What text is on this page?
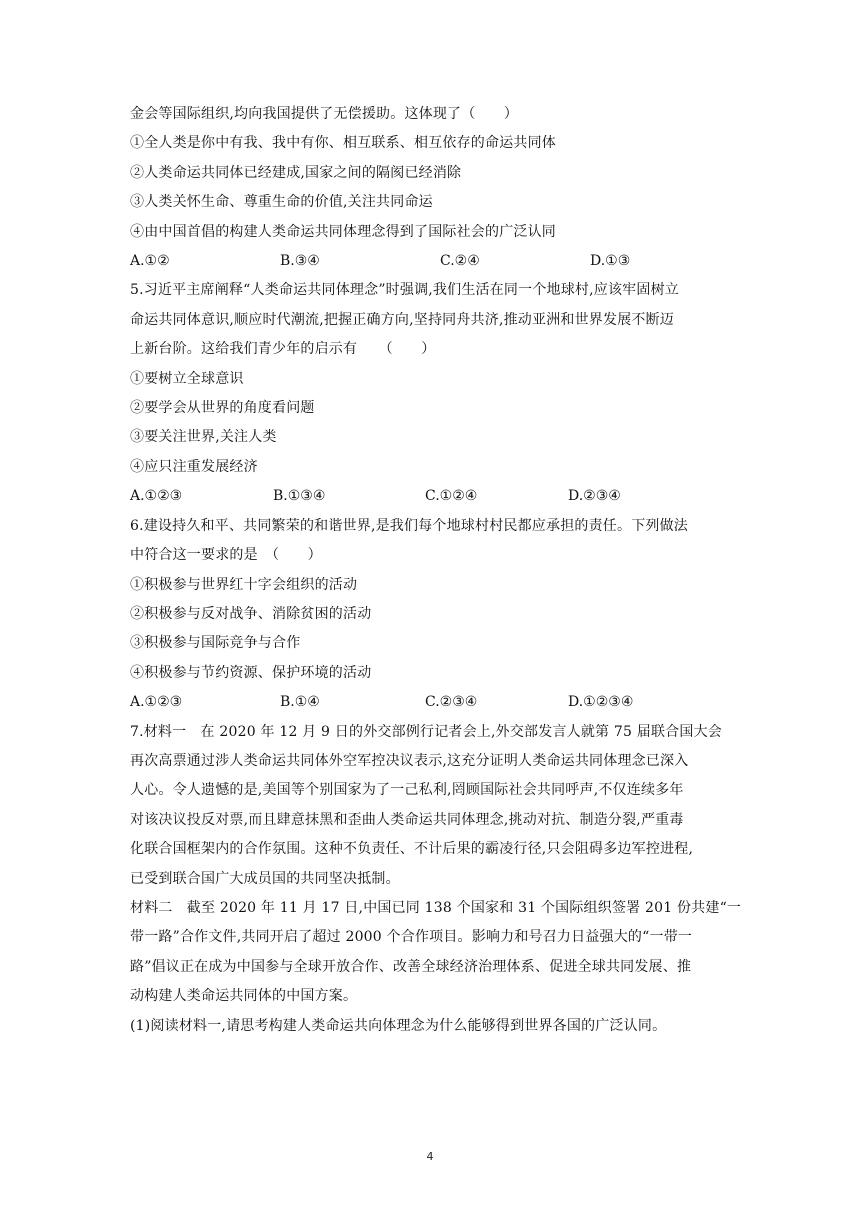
金会等国际组织,均向我国提供了无偿援助。这体现了（　　）
①全人类是你中有我、我中有你、相互联系、相互依存的命运共同体
②人类命运共同体已经建成,国家之间的隔阂已经消除
③人类关怀生命、尊重生命的价值,关注共同命运
④由中国首倡的构建人类命运共同体理念得到了国际社会的广泛认同
A.①②	B.③④	C.②④	D.①③
5.习近平主席阐释“人类命运共同体理念”时强调,我们生活在同一个地球村,应该牢固树立
命运共同体意识,顺应时代潮流,把握正确方向,坚持同舟共济,推动亚洲和世界发展不断迈
上新台阶。这给我们青少年的启示有　　（　　）
①要树立全球意识
②要学会从世界的角度看问题
③要关注世界,关注人类
④应只注重发展经济
A.①②③	B.①③④	C.①②④	D.②③④
6.建设持久和平、共同繁荣的和谐世界,是我们每个地球村村民都应承担的责任。下列做法
中符合这一要求的是　（　　）
①积极参与世界红十字会组织的活动
②积极参与反对战争、消除贫困的活动
③积极参与国际竞争与合作
④积极参与节约资源、保护环境的活动
A.①②③	B.①④	C.②③④	D.①②③④
7.材料一　在 2020 年 12 月 9 日的外交部例行记者会上,外交部发言人就第 75 届联合国大会
再次高票通过涉人类命运共同体外空军控决议表示,这充分证明人类命运共同体理念已深入
人心。令人遗憾的是,美国等个别国家为了一己私利,罔顾国际社会共同呼声,不仅连续多年
对该决议投反对票,而且肆意抹黑和歪曲人类命运共同体理念,挑动对抗、制造分裂,严重毒
化联合国框架内的合作氛围。这种不负责任、不计后果的霸凌行径,只会阻碍多边军控进程,
已受到联合国广大成员国的共同坚决抵制。
材料二　截至 2020 年 11 月 17 日,中国已同 138 个国家和 31 个国际组织签署 201 份共建“一
带一路”合作文件,共同开启了超过 2000 个合作项目。影响力和号召力日益强大的“一带一
路”倡议正在成为中国参与全球开放合作、改善全球经济治理体系、促进全球共同发展、推
动构建人类命运共同体的中国方案。
(1)阅读材料一,请思考构建人类命运共向体理念为什么能够得到世界各国的广泛认同。
4
